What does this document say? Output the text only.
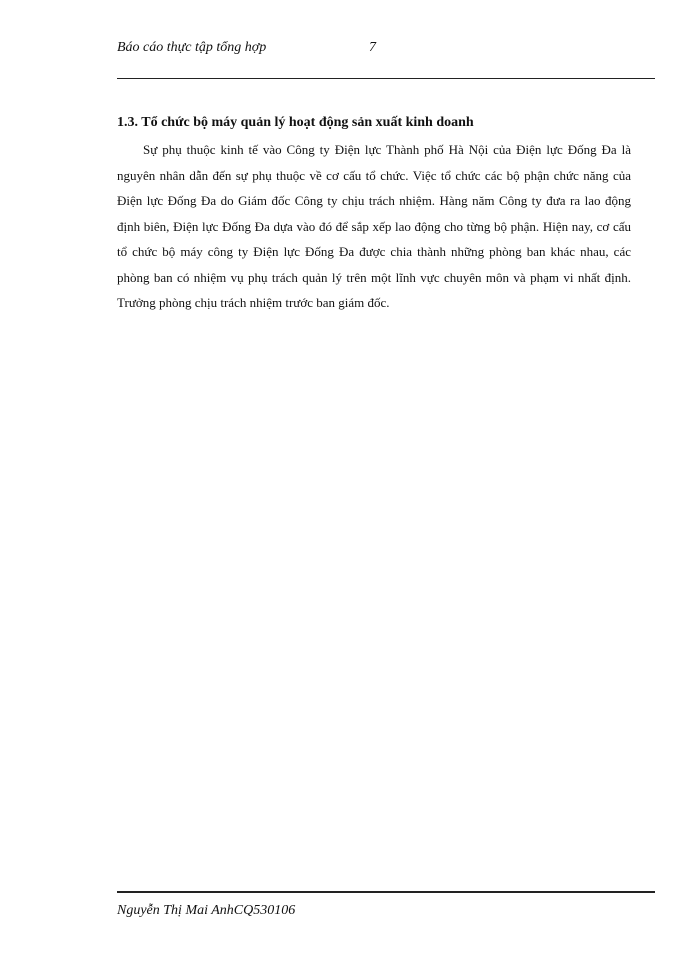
Báo cáo thực tập tổng hợp	7
1.3. Tổ chức bộ máy quản lý hoạt động sản xuất kinh doanh

Sự phụ thuộc kinh tế vào Công ty Điện lực Thành phố Hà Nội của Điện lực Đống Đa là nguyên nhân dẫn đến sự phụ thuộc về cơ cấu tổ chức. Việc tổ chức các bộ phận chức năng của Điện lực Đống Đa do Giám đốc Công ty chịu trách nhiệm. Hàng năm Công ty đưa ra lao động định biên, Điện lực Đống Đa dựa vào đó để sắp xếp lao động cho từng bộ phận. Hiện nay, cơ cấu tổ chức bộ máy công ty Điện lực Đống Đa được chia thành những phòng ban khác nhau, các phòng ban có nhiệm vụ phụ trách quản lý trên một lĩnh vực chuyên môn và phạm vi nhất định. Trưởng phòng chịu trách nhiệm trước ban giám đốc.

Nguyễn Thị Mai AnhCQ530106
